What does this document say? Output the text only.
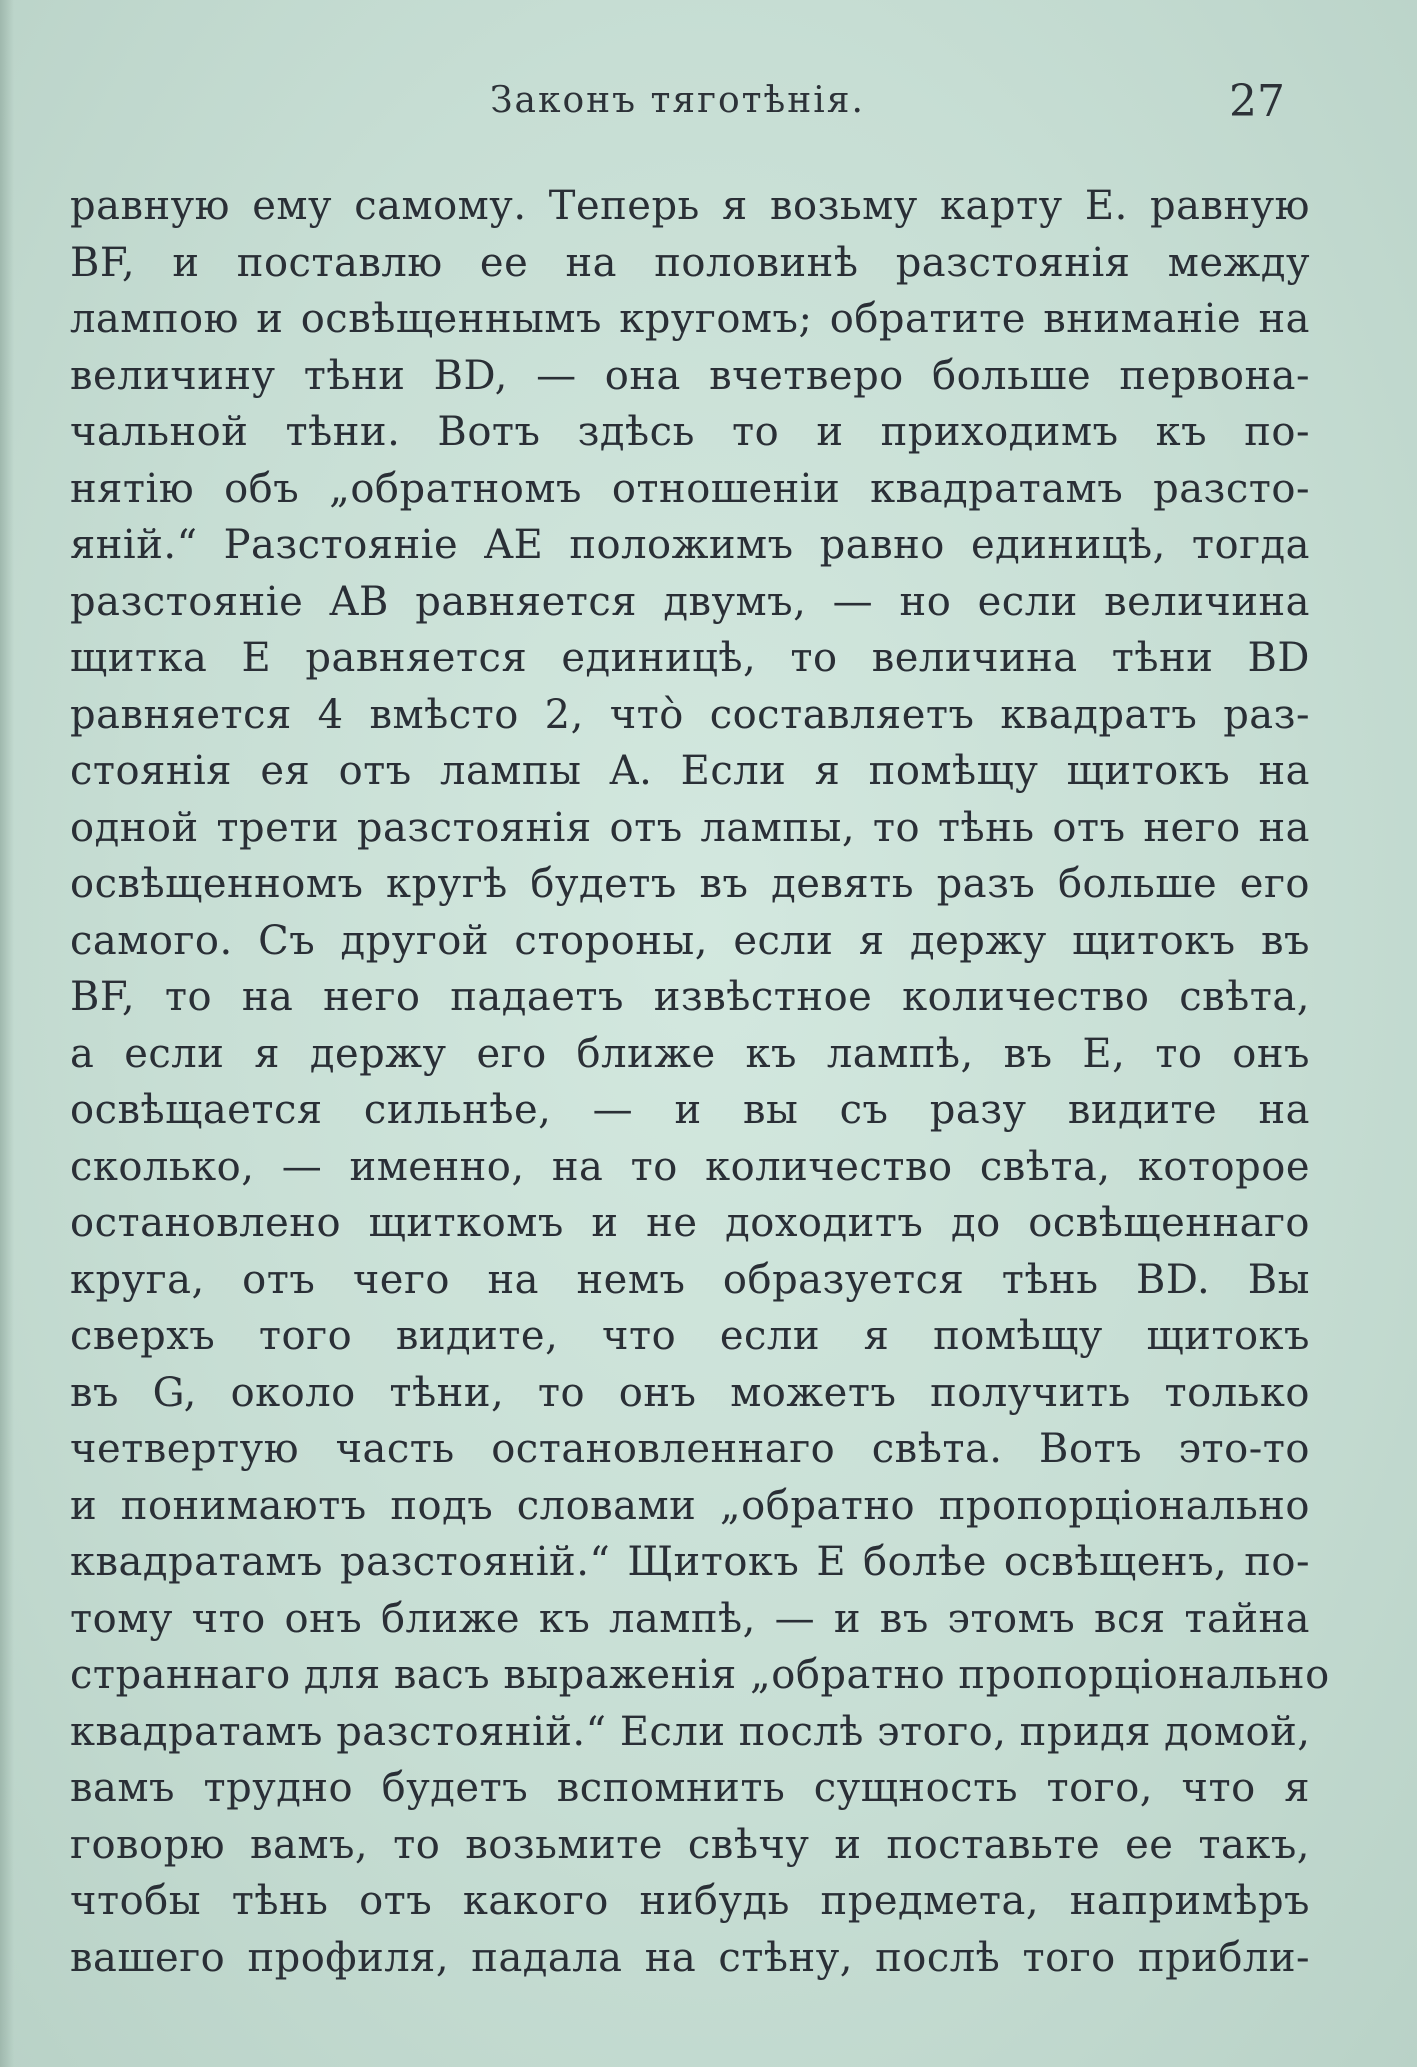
Законъ тяготѣнія.	27
равную ему самому. Теперь я возьму карту E. равную
BF, и поставлю ее на половинѣ разстоянія между
лампою и освѣщеннымъ кругомъ; обратите вниманіе на
величину тѣни BD, — она вчетверо больше первона-
чальной тѣни. Вотъ здѣсь то и приходимъ къ по-
нятію объ „обратномъ отношеніи квадратамъ разсто-
яній.“ Разстояніе AE положимъ равно единицѣ, тогда
разстояніе AB равняется двумъ, — но если величина
щитка E равняется единицѣ, то величина тѣни BD
равняется 4 вмѣсто 2, что̀ составляетъ квадратъ раз-
стоянія ея отъ лампы A. Если я помѣщу щитокъ на
одной трети разстоянія отъ лампы, то тѣнь отъ него на
освѣщенномъ кругѣ будетъ въ девять разъ больше его
самого. Съ другой стороны, если я держу щитокъ въ
BF, то на него падаетъ извѣстное количество свѣта,
а если я держу его ближе къ лампѣ, въ E, то онъ
освѣщается сильнѣе, — и вы съ разу видите на
сколько, — именно, на то количество свѣта, которое
остановлено щиткомъ и не доходитъ до освѣщеннаго
круга, отъ чего на немъ образуется тѣнь BD. Вы
сверхъ того видите, что если я помѣщу щитокъ
въ G, около тѣни, то онъ можетъ получить только
четвертую часть остановленнаго свѣта. Вотъ это-то
и понимаютъ подъ словами „обратно пропорціонально
квадратамъ разстояній.“ Щитокъ E болѣе освѣщенъ, по-
тому что онъ ближе къ лампѣ, — и въ этомъ вся тайна
страннаго для васъ выраженія „обратно пропорціонально
квадратамъ разстояній.“ Если послѣ этого, придя домой,
вамъ трудно будетъ вспомнить сущность того, что я
говорю вамъ, то возьмите свѣчу и поставьте ее такъ,
чтобы тѣнь отъ какого нибудь предмета, напримѣръ
вашего профиля, падала на стѣну, послѣ того прибли-
